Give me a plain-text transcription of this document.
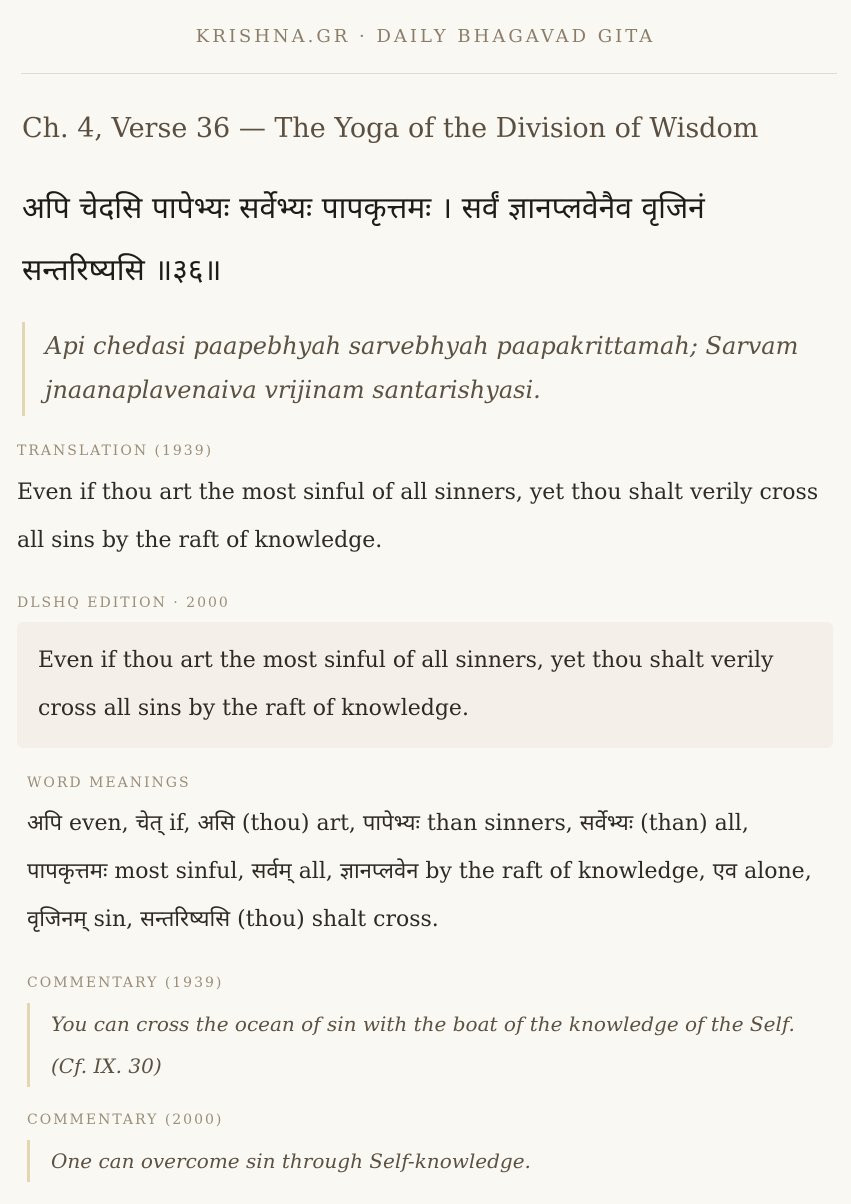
KRISHNA.GR · DAILY BHAGAVAD GITA
Ch. 4, Verse 36 — The Yoga of the Division of Wisdom
अपि चेदसि पापेभ्यः सर्वेभ्यः पापकृत्तमः । सर्वं ज्ञानप्लवेनैव वृजिनं सन्तरिष्यसि ॥३६॥
Api chedasi paapebhyah sarvebhyah paapakrittamah; Sarvam jnaanaplavenaiva vrijinam santarishyasi.
TRANSLATION (1939)
Even if thou art the most sinful of all sinners, yet thou shalt verily cross all sins by the raft of knowledge.
DLSHQ EDITION · 2000
Even if thou art the most sinful of all sinners, yet thou shalt verily cross all sins by the raft of knowledge.
WORD MEANINGS
अपि even, चेत् if, असि (thou) art, पापेभ्यः than sinners, सर्वेभ्यः (than) all, पापकृत्तमः most sinful, सर्वम् all, ज्ञानप्लवेन by the raft of knowledge, एव alone, वृजिनम् sin, सन्तरिष्यसि (thou) shalt cross.
COMMENTARY (1939)
You can cross the ocean of sin with the boat of the knowledge of the Self. (Cf. IX. 30)
COMMENTARY (2000)
One can overcome sin through Self-knowledge.
